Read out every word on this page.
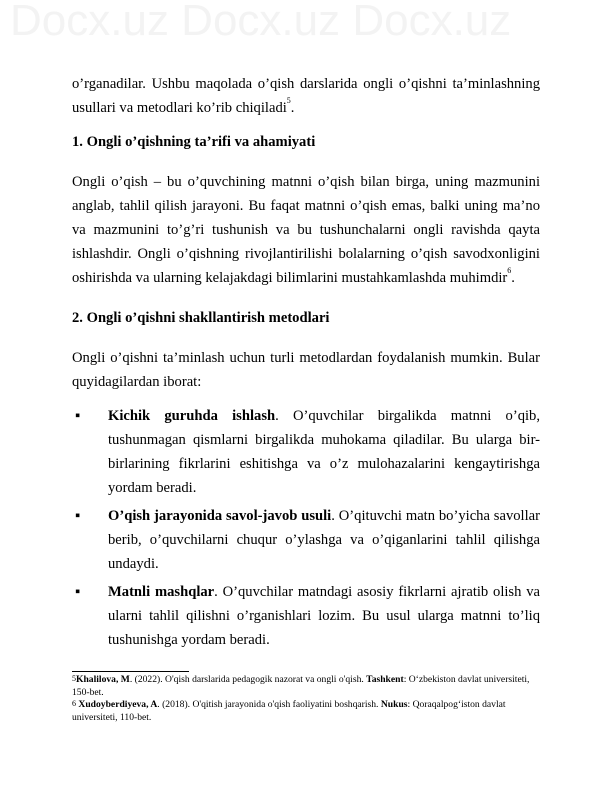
Docx.uz Docx.uz Docx.uz

o’rganadilar. Ushbu maqolada o’qish darslarida ongli o’qishni ta’minlashning usullari va metodlari ko’rib chiqiladi$^5$.

1. Ongli o’qishning ta’rifi va ahamiyati

Ongli o’qish – bu o’quvchining matnni o’qish bilan birga, uning mazmunini anglab, tahlil qilish jarayoni. Bu faqat matnni o’qish emas, balki uning ma’no va mazmunini to’g’ri tushunish va bu tushunchalarni ongli ravishda qayta ishlashdir. Ongli o’qishning rivojlantirilishi bolalarning o’qish savodxonligini oshirishda va ularning kelajakdagi bilimlarini mustahkamlashda muhimdir$^6$.

2. Ongli o’qishni shakllantirish metodlari

Ongli o’qishni ta’minlash uchun turli metodlardan foydalanish mumkin. Bular quyidagilardan iborat:

▪ Kichik guruhda ishlash. O’quvchilar birgalikda matnni o’qib, tushunmagan qismlarni birgalikda muhokama qiladilar. Bu ularga bir-birlarining fikrlarini eshitishga va o’z mulohazalarini kengaytirishga yordam beradi.
▪ O’qish jarayonida savol-javob usuli. O’qituvchi matn bo’yicha savollar berib, o’quvchilarni chuqur o’ylashga va o’qiganlarini tahlil qilishga undaydi.
▪ Matnli mashqlar. O’quvchilar matndagi asosiy fikrlarni ajratib olish va ularni tahlil qilishni o’rganishlari lozim. Bu usul ularga matnni to’liq tushunishga yordam beradi.

$^5$Khalilova, M. (2022). O'qish darslarida pedagogik nazorat va ongli o'qish. Tashkent: O‘zbekiston davlat universiteti, 150-bet.

$^6$ Xudoyberdiyeva, A. (2018). O'qitish jarayonida o'qish faoliyatini boshqarish. Nukus: Qoraqalpog‘iston davlat universiteti, 110-bet.
